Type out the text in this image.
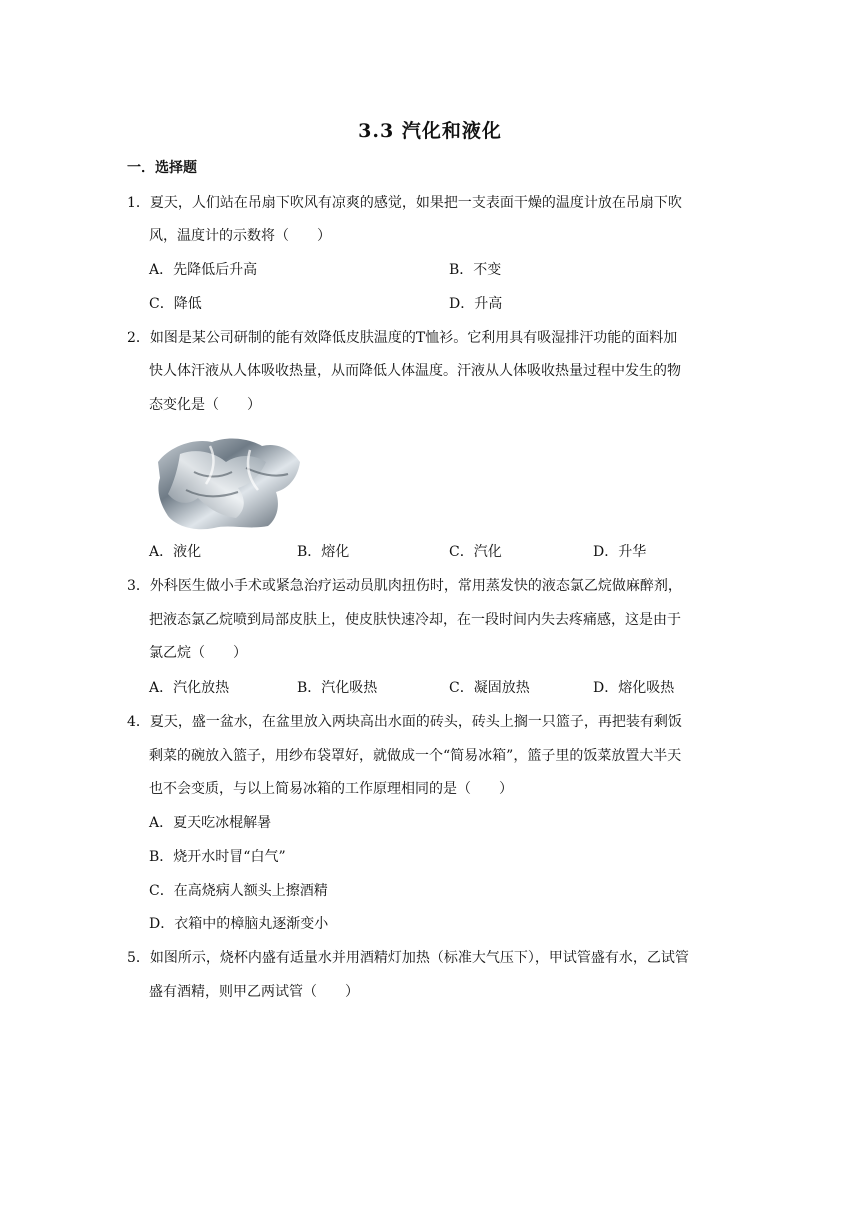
3.3 汽化和液化
一．选择题
1．夏天，人们站在吊扇下吹风有凉爽的感觉，如果把一支表面干燥的温度计放在吊扇下吹
风，温度计的示数将（　　）
A．先降低后升高	B．不变
C．降低	D．升高
2．如图是某公司研制的能有效降低皮肤温度的T恤衫。它利用具有吸湿排汗功能的面料加
快人体汗液从人体吸收热量，从而降低人体温度。汗液从人体吸收热量过程中发生的物
态变化是（　　）
A．液化	B．熔化	C．汽化	D．升华
3．外科医生做小手术或紧急治疗运动员肌肉扭伤时，常用蒸发快的液态氯乙烷做麻醉剂，
把液态氯乙烷喷到局部皮肤上，使皮肤快速冷却，在一段时间内失去疼痛感，这是由于
氯乙烷（　　）
A．汽化放热	B．汽化吸热	C．凝固放热	D．熔化吸热
4．夏天，盛一盆水，在盆里放入两块高出水面的砖头，砖头上搁一只篮子，再把装有剩饭
剩菜的碗放入篮子，用纱布袋罩好，就做成一个“简易冰箱”，篮子里的饭菜放置大半天
也不会变质，与以上简易冰箱的工作原理相同的是（　　）
A．夏天吃冰棍解暑
B．烧开水时冒“白气”
C．在高烧病人额头上擦酒精
D．衣箱中的樟脑丸逐渐变小
5．如图所示，烧杯内盛有适量水并用酒精灯加热（标准大气压下），甲试管盛有水，乙试管
盛有酒精，则甲乙两试管（　　）
